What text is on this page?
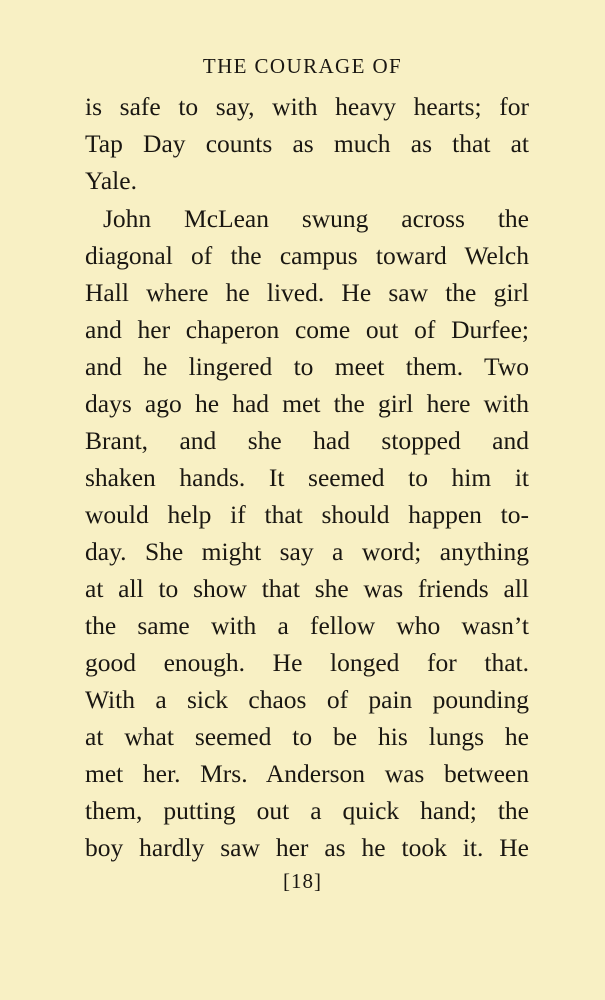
THE COURAGE OF
is safe to say, with heavy hearts; for
Tap Day counts as much as that at
Yale.
John McLean swung across the
diagonal of the campus toward Welch
Hall where he lived. He saw the girl
and her chaperon come out of Durfee;
and he lingered to meet them. Two
days ago he had met the girl here with
Brant, and she had stopped and
shaken hands. It seemed to him it
would help if that should happen to-
day. She might say a word; anything
at all to show that she was friends all
the same with a fellow who wasn’t
good enough. He longed for that.
With a sick chaos of pain pounding
at what seemed to be his lungs he
met her. Mrs. Anderson was between
them, putting out a quick hand; the
boy hardly saw her as he took it. He
[18]
